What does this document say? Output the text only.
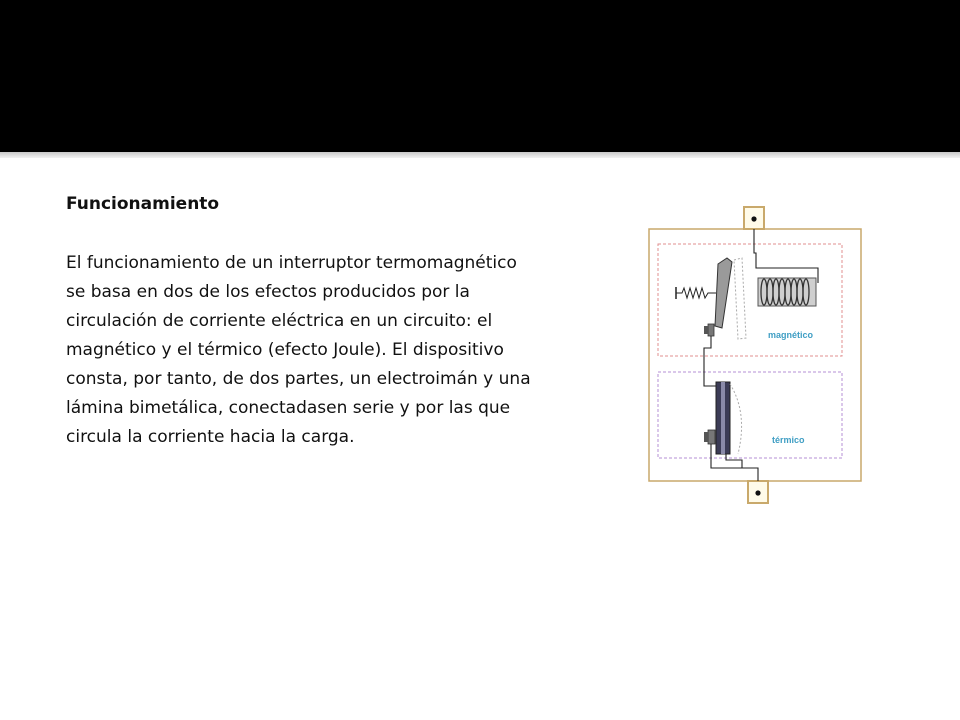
Funcionamiento
El funcionamiento de un interruptor termomagnético se basa en dos de los efectos producidos por la circulación de corriente eléctrica en un circuito: el magnético y el térmico (efecto Joule). El dispositivo consta, por tanto, de dos partes, un electroimán y una lámina bimetálica, conectadasen serie y por las que circula la corriente hacia la carga.
magnético
térmico
